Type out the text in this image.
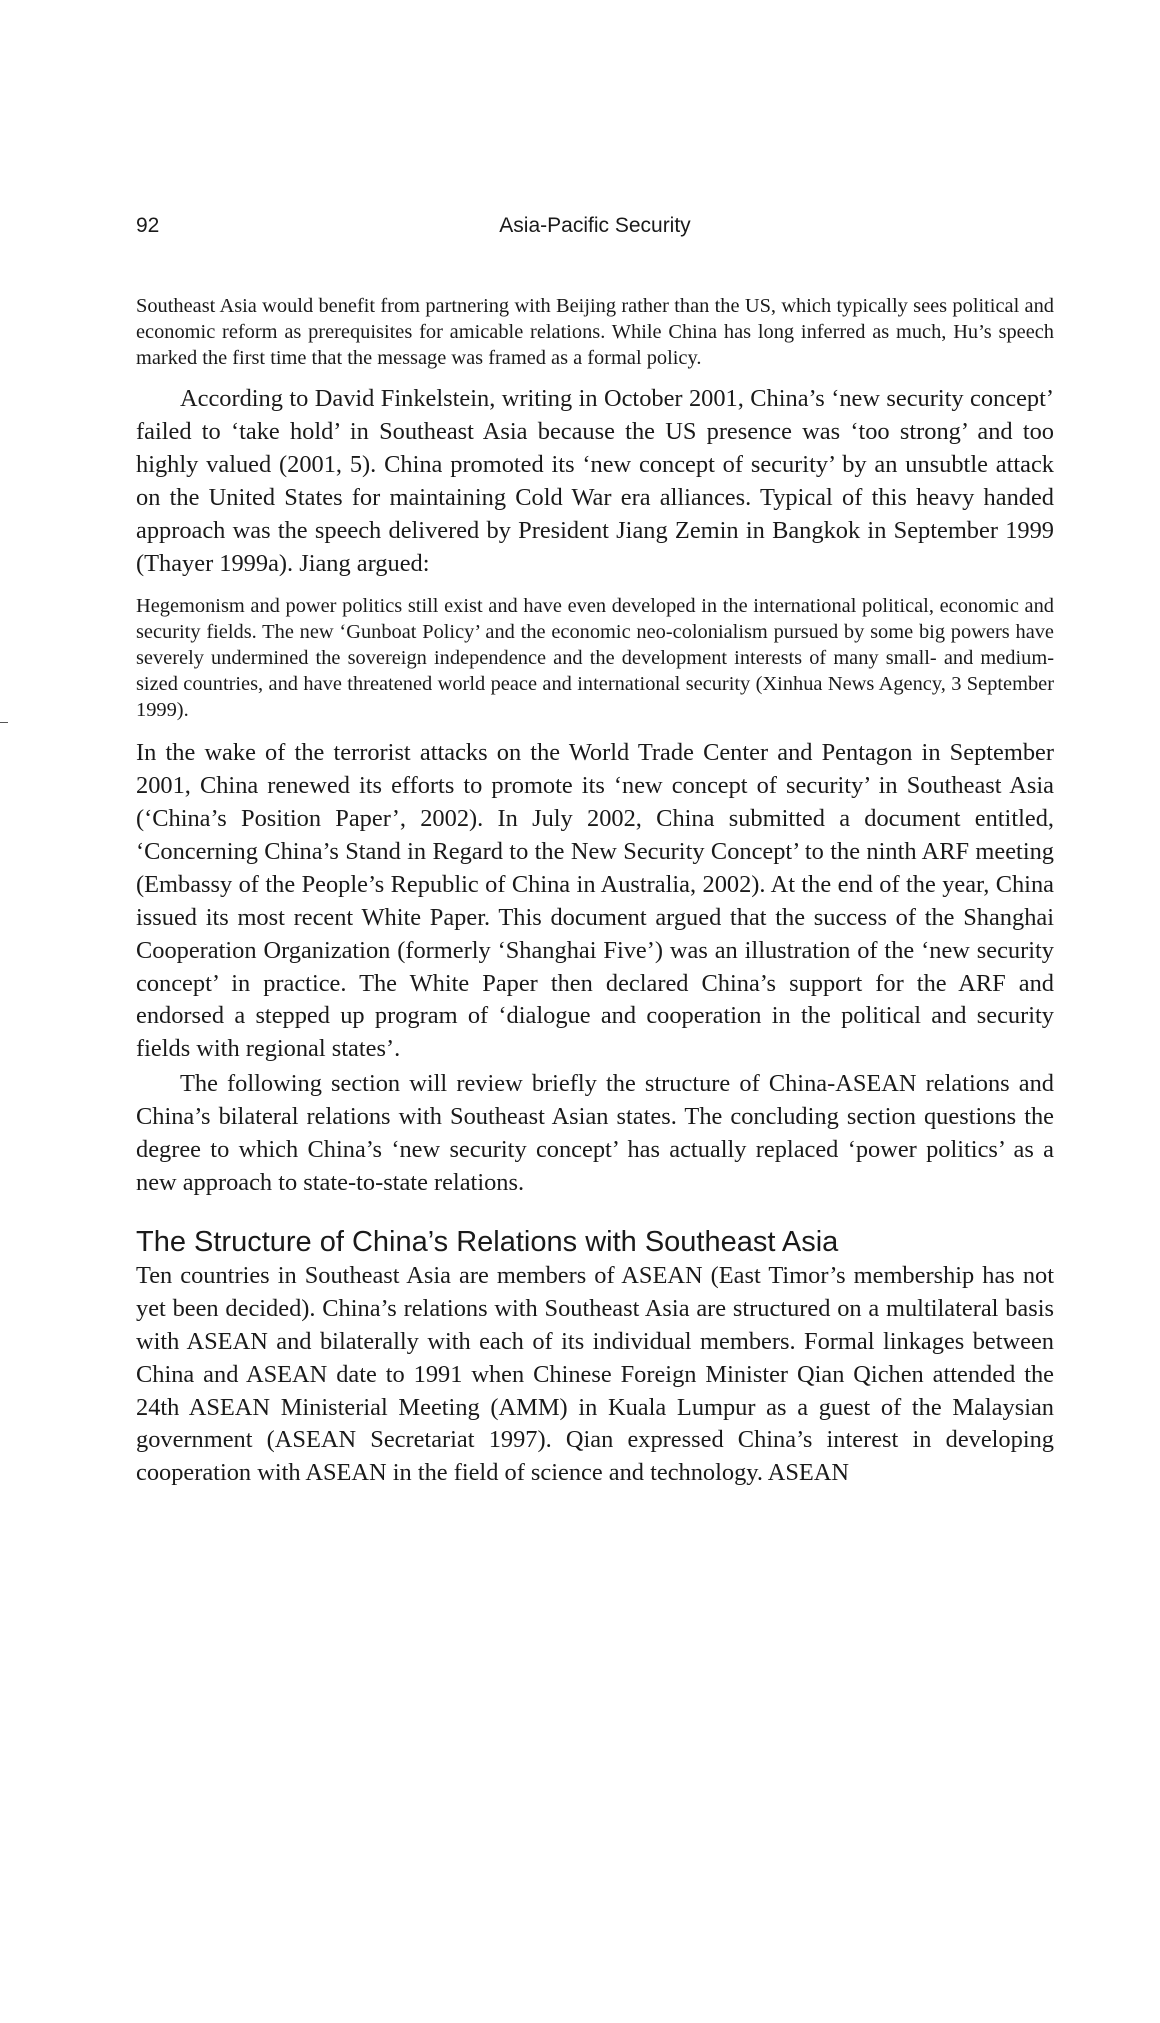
92	Asia-Pacific Security

Southeast Asia would benefit from partnering with Beijing rather than the US, which typically sees political and economic reform as prerequisites for amicable relations. While China has long inferred as much, Hu’s speech marked the first time that the message was framed as a formal policy.

According to David Finkelstein, writing in October 2001, China’s ‘new security concept’ failed to ‘take hold’ in Southeast Asia because the US presence was ‘too strong’ and too highly valued (2001, 5). China promoted its ‘new concept of security’ by an unsubtle attack on the United States for maintaining Cold War era alliances. Typical of this heavy handed approach was the speech delivered by President Jiang Zemin in Bangkok in September 1999 (Thayer 1999a). Jiang argued:

Hegemonism and power politics still exist and have even developed in the international political, economic and security fields. The new ‘Gunboat Policy’ and the economic neo-colonialism pursued by some big powers have severely undermined the sovereign independence and the development interests of many small- and medium-sized countries, and have threatened world peace and international security (Xinhua News Agency, 3 September 1999).

In the wake of the terrorist attacks on the World Trade Center and Pentagon in September 2001, China renewed its efforts to promote its ‘new concept of security’ in Southeast Asia (‘China’s Position Paper’, 2002). In July 2002, China submitted a document entitled, ‘Concerning China’s Stand in Regard to the New Security Concept’ to the ninth ARF meeting (Embassy of the People’s Republic of China in Australia, 2002). At the end of the year, China issued its most recent White Paper. This document argued that the success of the Shanghai Cooperation Organization (formerly ‘Shanghai Five’) was an illustration of the ‘new security concept’ in practice. The White Paper then declared China’s support for the ARF and endorsed a stepped up program of ‘dialogue and cooperation in the political and security fields with regional states’.

The following section will review briefly the structure of China-ASEAN relations and China’s bilateral relations with Southeast Asian states. The concluding section questions the degree to which China’s ‘new security concept’ has actually replaced ‘power politics’ as a new approach to state-to-state relations.

The Structure of China’s Relations with Southeast Asia

Ten countries in Southeast Asia are members of ASEAN (East Timor’s membership has not yet been decided). China’s relations with Southeast Asia are structured on a multilateral basis with ASEAN and bilaterally with each of its individual members. Formal linkages between China and ASEAN date to 1991 when Chinese Foreign Minister Qian Qichen attended the 24th ASEAN Ministerial Meeting (AMM) in Kuala Lumpur as a guest of the Malaysian government (ASEAN Secretariat 1997). Qian expressed China’s interest in developing cooperation with ASEAN in the field of science and technology. ASEAN
